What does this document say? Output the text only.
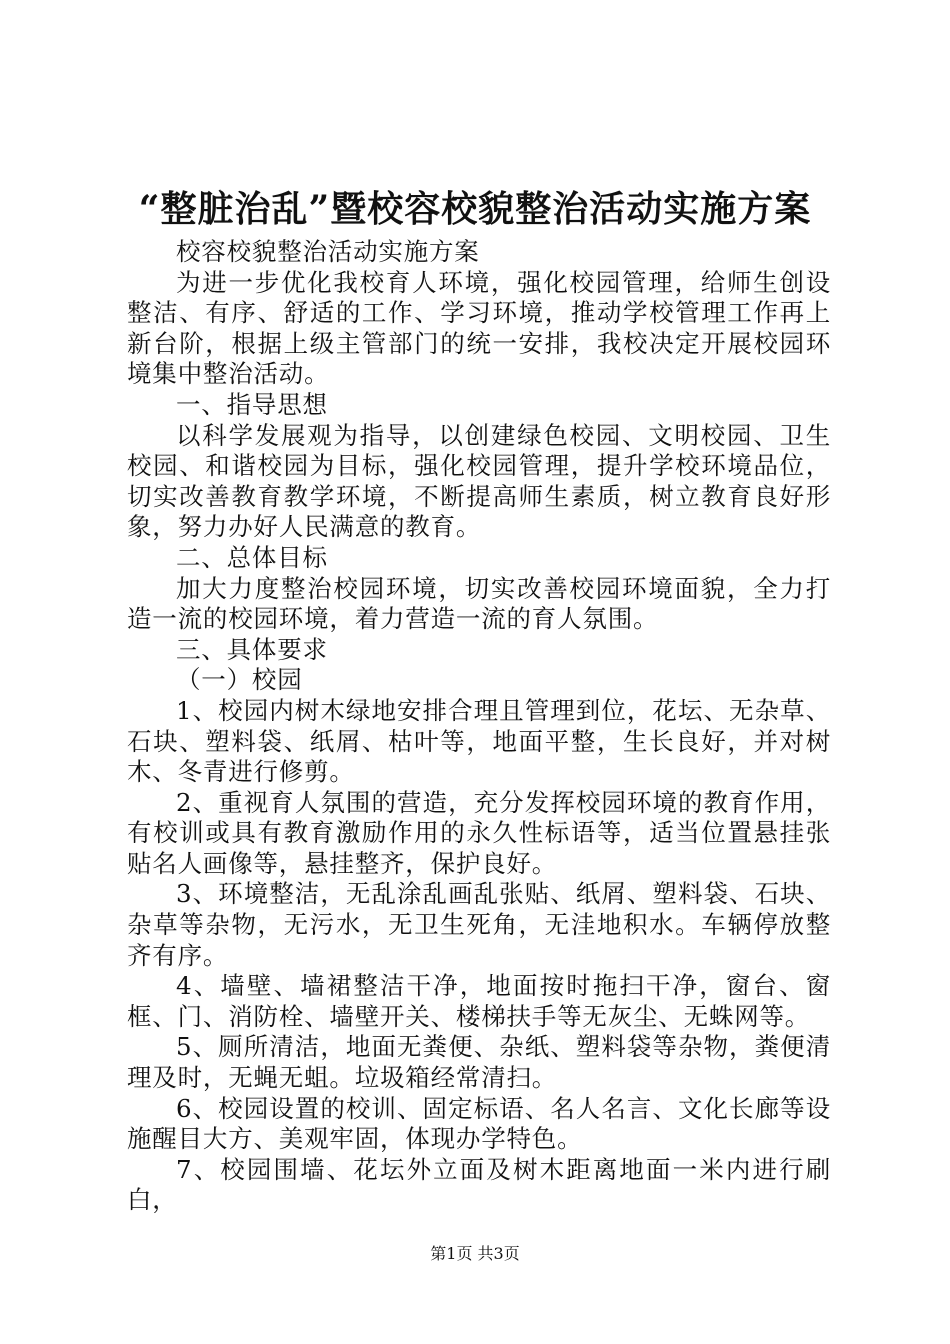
“整脏治乱”暨校容校貌整治活动实施方案

校容校貌整治活动实施方案

为进一步优化我校育人环境，强化校园管理，给师生创设整洁、有序、舒适的工作、学习环境，推动学校管理工作再上新台阶，根据上级主管部门的统一安排，我校决定开展校园环境集中整治活动。

一、指导思想

以科学发展观为指导，以创建绿色校园、文明校园、卫生校园、和谐校园为目标，强化校园管理，提升学校环境品位，切实改善教育教学环境，不断提高师生素质，树立教育良好形象，努力办好人民满意的教育。

二、总体目标

加大力度整治校园环境，切实改善校园环境面貌，全力打造一流的校园环境，着力营造一流的育人氛围。

三、具体要求

（一）校园

1、校园内树木绿地安排合理且管理到位，花坛、无杂草、石块、塑料袋、纸屑、枯叶等，地面平整，生长良好，并对树木、冬青进行修剪。

2、重视育人氛围的营造，充分发挥校园环境的教育作用，有校训或具有教育激励作用的永久性标语等，适当位置悬挂张贴名人画像等，悬挂整齐，保护良好。

3、环境整洁，无乱涂乱画乱张贴、纸屑、塑料袋、石块、杂草等杂物，无污水，无卫生死角，无洼地积水。车辆停放整齐有序。

4、墙壁、墙裙整洁干净，地面按时拖扫干净，窗台、窗框、门、消防栓、墙壁开关、楼梯扶手等无灰尘、无蛛网等。

5、厕所清洁，地面无粪便、杂纸、塑料袋等杂物，粪便清理及时，无蝇无蛆。垃圾箱经常清扫。

6、校园设置的校训、固定标语、名人名言、文化长廊等设施醒目大方、美观牢固，体现办学特色。

7、校园围墙、花坛外立面及树木距离地面一米内进行刷白，

第1页 共3页
